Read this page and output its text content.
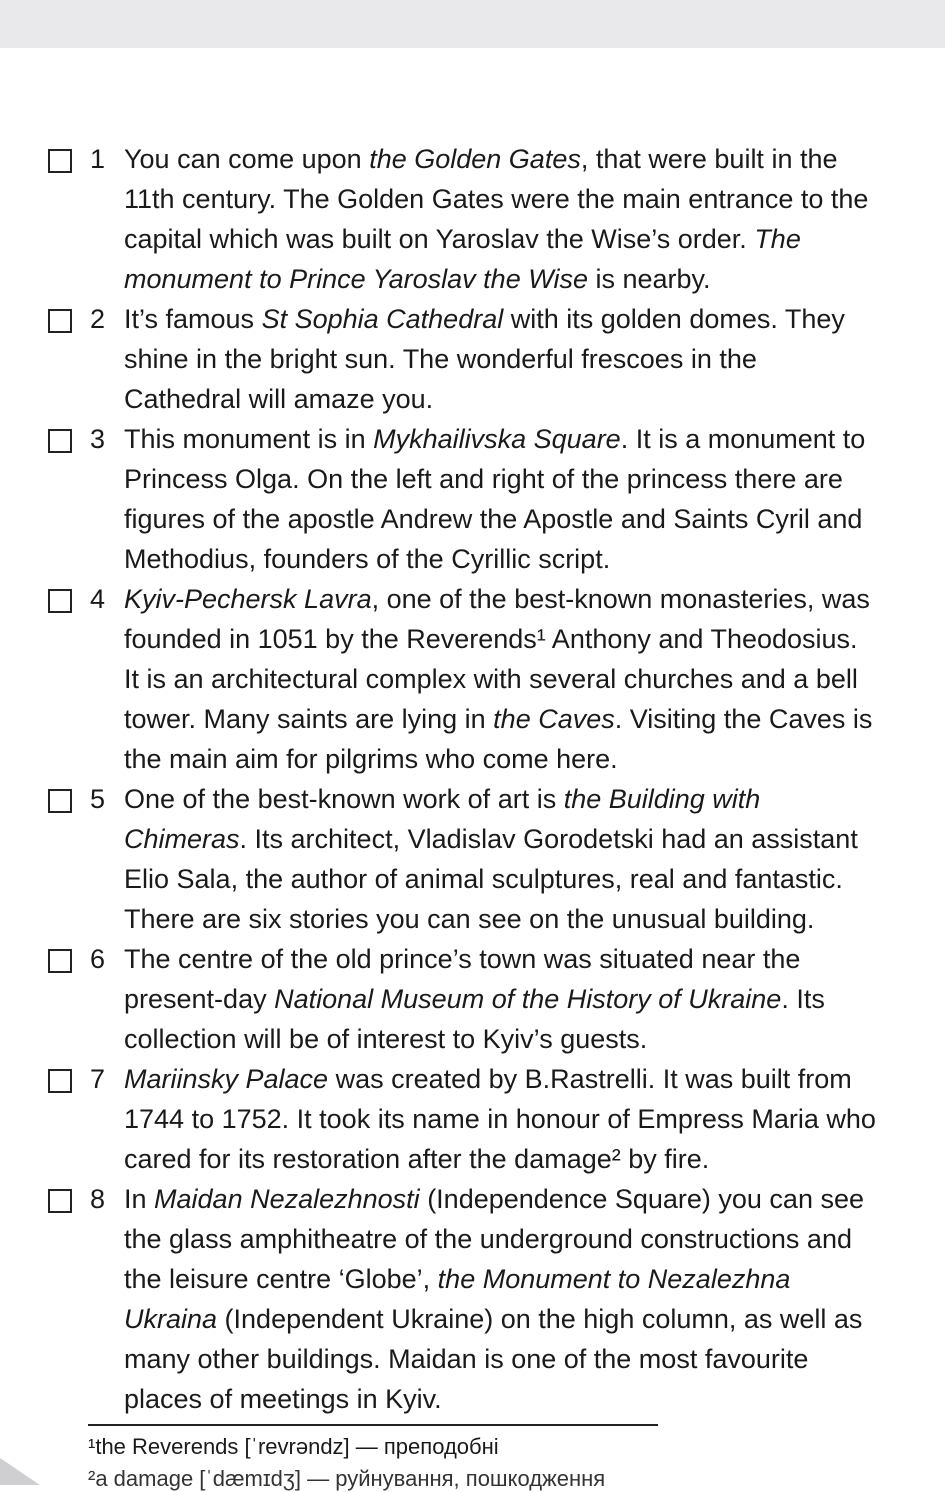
1 You can come upon the Golden Gates, that were built in the
11th century. The Golden Gates were the main entrance to the
capital which was built on Yaroslav the Wise’s order. The
monument to Prince Yaroslav the Wise is nearby.
2 It’s famous St Sophia Cathedral with its golden domes. They
shine in the bright sun. The wonderful frescoes in the
Cathedral will amaze you.
3 This monument is in Mykhailivska Square. It is a monument to
Princess Olga. On the left and right of the princess there are
figures of the apostle Andrew the Apostle and Saints Cyril and
Methodius, founders of the Cyrillic script.
4 Kyiv-Pechersk Lavra, one of the best-known monasteries, was
founded in 1051 by the Reverends¹ Anthony and Theodosius.
It is an architectural complex with several churches and a bell
tower. Many saints are lying in the Caves. Visiting the Caves is
the main aim for pilgrims who come here.
5 One of the best-known work of art is the Building with
Chimeras. Its architect, Vladislav Gorodetski had an assistant
Elio Sala, the author of animal sculptures, real and fantastic.
There are six stories you can see on the unusual building.
6 The centre of the old prince’s town was situated near the
present-day National Museum of the History of Ukraine. Its
collection will be of interest to Kyiv’s guests.
7 Mariinsky Palace was created by B.Rastrelli. It was built from
1744 to 1752. It took its name in honour of Empress Maria who
cared for its restoration after the damage² by fire.
8 In Maidan Nezalezhnosti (Independence Square) you can see
the glass amphitheatre of the underground constructions and
the leisure centre ‘Globe’, the Monument to Nezalezhna
Ukraina (Independent Ukraine) on the high column, as well as
many other buildings. Maidan is one of the most favourite
places of meetings in Kyiv.
¹the Reverends [ˈrevrəndz] — преподобні
²a damage [ˈdæmɪdʒ] — руйнування, пошкодження
